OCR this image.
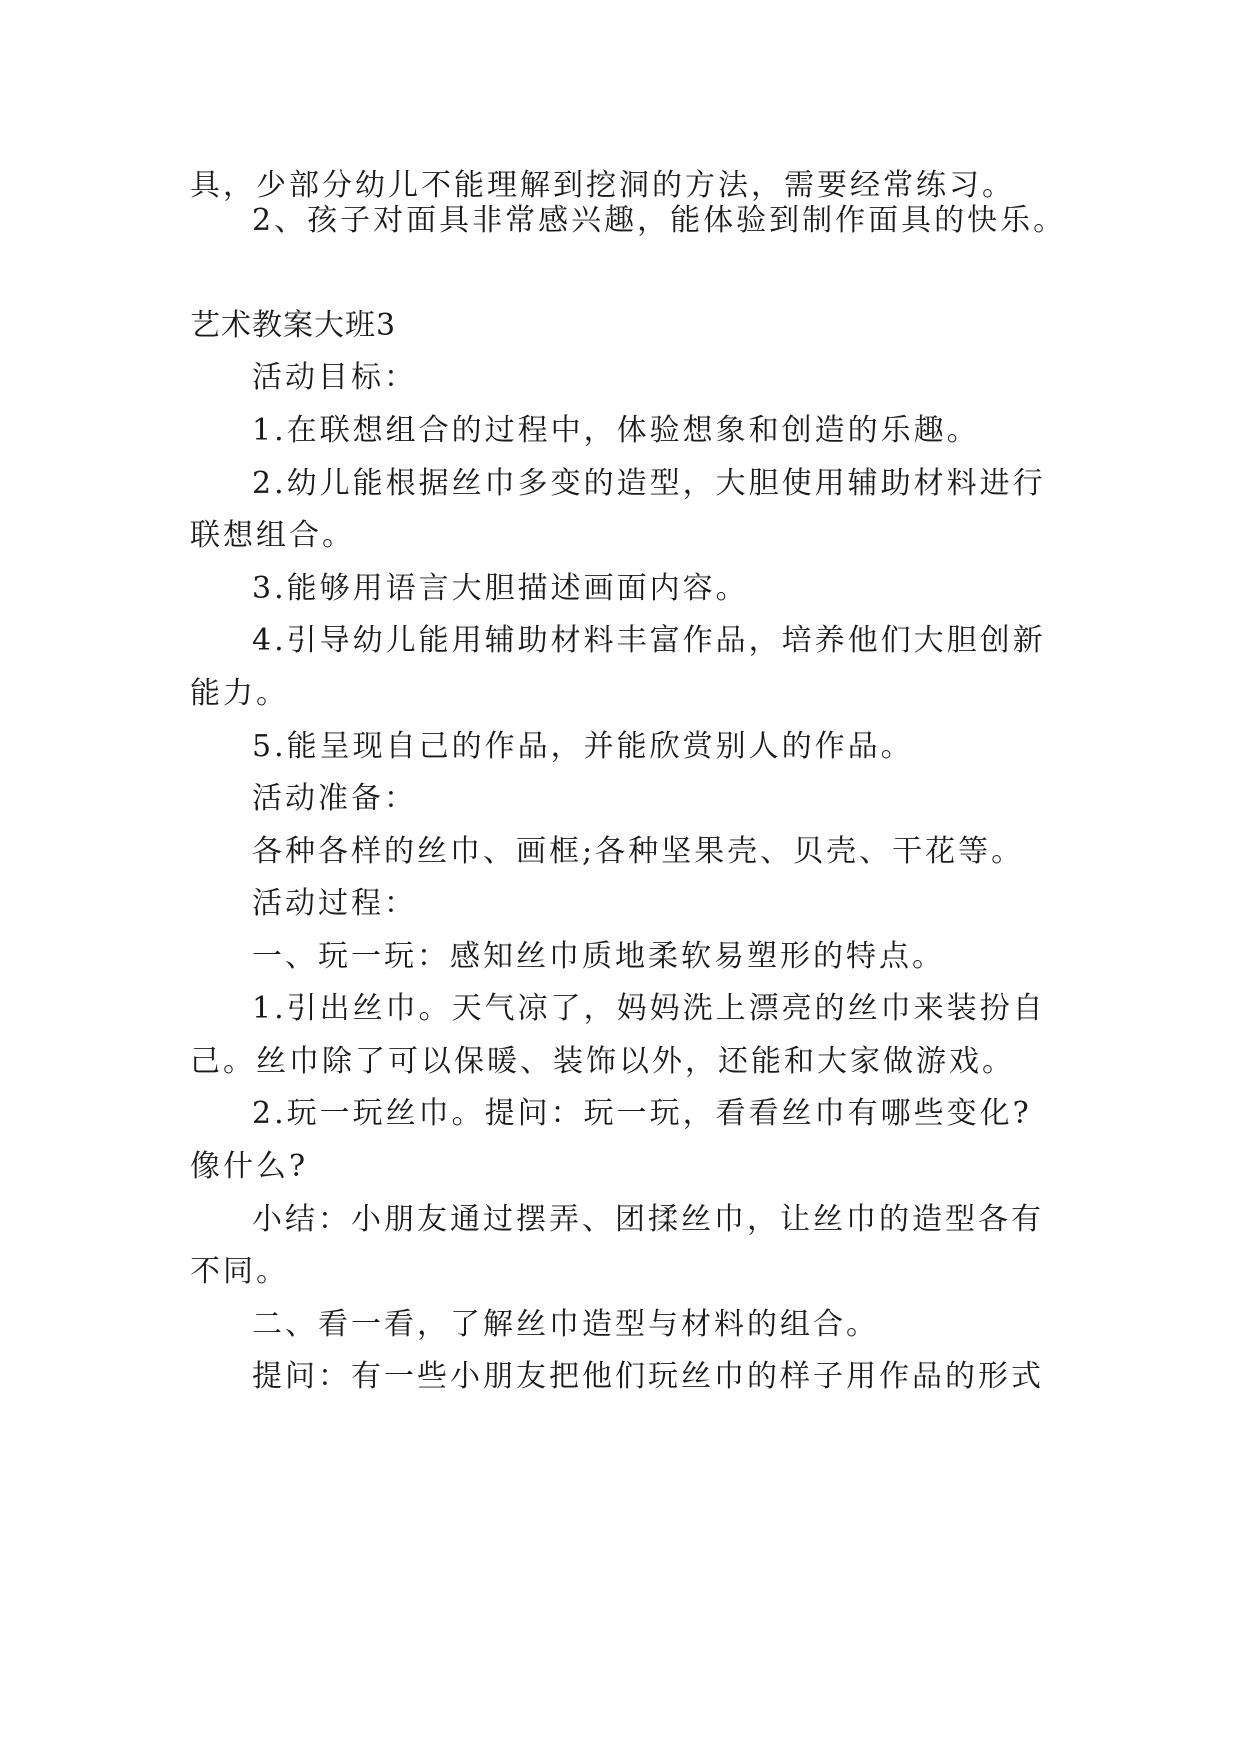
具，少部分幼儿不能理解到挖洞的方法，需要经常练习。
2、孩子对面具非常感兴趣，能体验到制作面具的快乐。
艺术教案大班3
活动目标：
1.在联想组合的过程中，体验想象和创造的乐趣。
2.幼儿能根据丝巾多变的造型，大胆使用辅助材料进行
联想组合。
3.能够用语言大胆描述画面内容。
4.引导幼儿能用辅助材料丰富作品，培养他们大胆创新
能力。
5.能呈现自己的作品，并能欣赏别人的作品。
活动准备：
各种各样的丝巾、画框;各种坚果壳、贝壳、干花等。
活动过程：
一、玩一玩：感知丝巾质地柔软易塑形的特点。
1.引出丝巾。天气凉了，妈妈洗上漂亮的丝巾来装扮自
己。丝巾除了可以保暖、装饰以外，还能和大家做游戏。
2.玩一玩丝巾。提问：玩一玩，看看丝巾有哪些变化?
像什么?
小结：小朋友通过摆弄、团揉丝巾，让丝巾的造型各有
不同。
二、看一看，了解丝巾造型与材料的组合。
提问：有一些小朋友把他们玩丝巾的样子用作品的形式
